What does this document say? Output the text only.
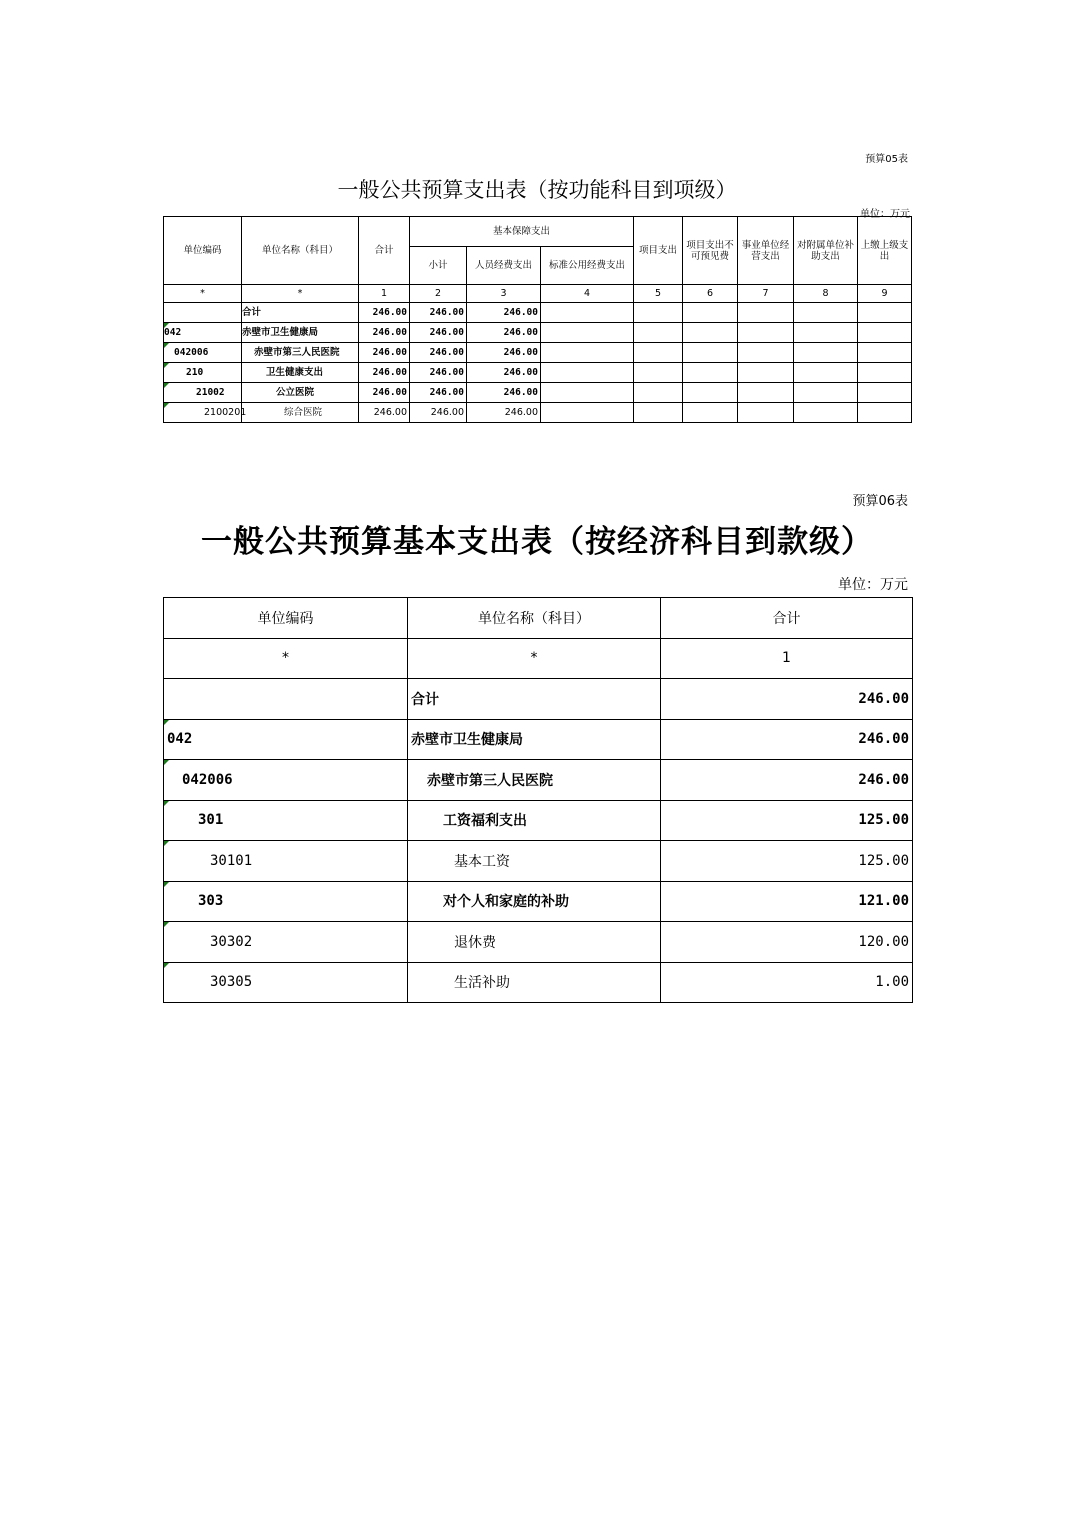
预算05表
一般公共预算支出表（按功能科目到项级）
单位：万元
单位编码	单位名称（科目）	合计	基本保障支出			项目支出	项目支出不可预见费	事业单位经营支出	对附属单位补助支出	上缴上级支出
			小计	人员经费支出	标准公用经费支出					
*	*	1	2	3	4	5	6	7	8	9
	合计	246.00	246.00	246.00						
042	赤壁市卫生健康局	246.00	246.00	246.00						
042006	赤壁市第三人民医院	246.00	246.00	246.00						
210	卫生健康支出	246.00	246.00	246.00						
21002	公立医院	246.00	246.00	246.00						
2100201	综合医院	246.00	246.00	246.00						
预算06表
一般公共预算基本支出表（按经济科目到款级）
单位：万元
单位编码	单位名称（科目）	合计
*	*	1
	合计	246.00
042	赤壁市卫生健康局	246.00
042006	赤壁市第三人民医院	246.00
301	工资福利支出	125.00
30101	基本工资	125.00
303	对个人和家庭的补助	121.00
30302	退休费	120.00
30305	生活补助	1.00
